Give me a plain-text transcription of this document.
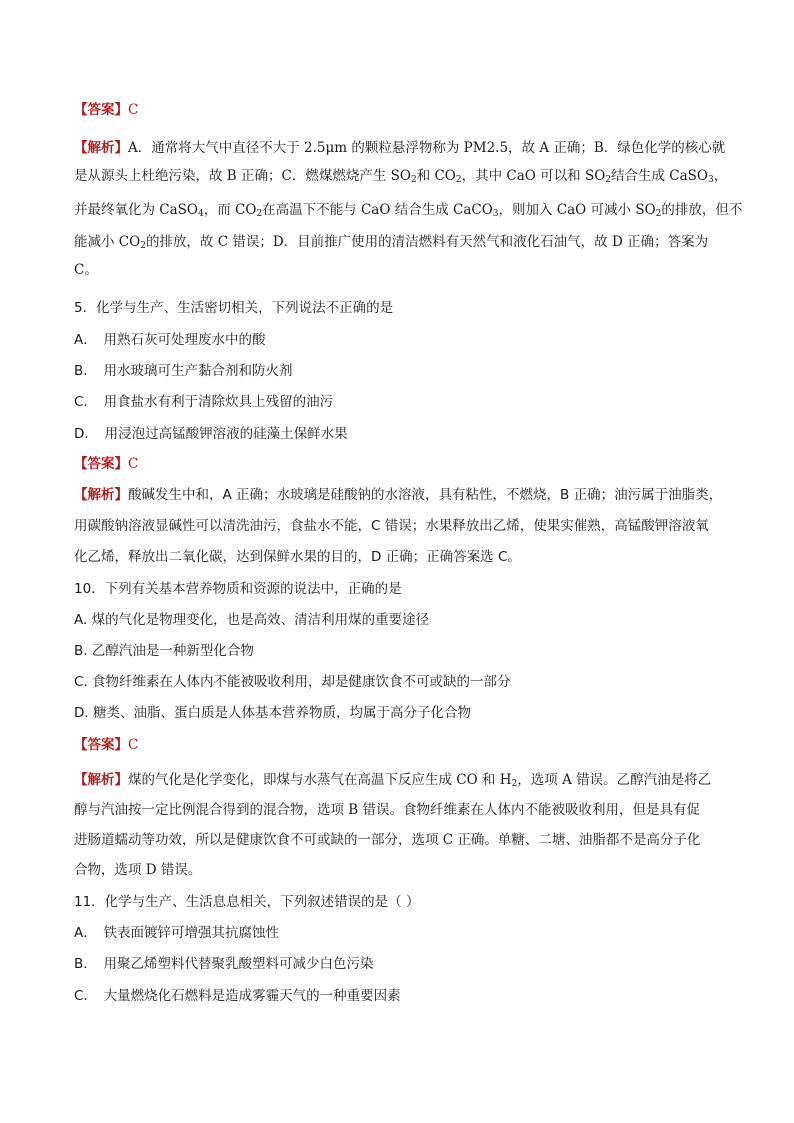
【答案】C
【解析】A．通常将大气中直径不大于 2.5μm 的颗粒悬浮物称为 PM2.5，故 A 正确；B．绿色化学的核心就
是从源头上杜绝污染，故 B 正确；C．燃煤燃烧产生 $SO_2$和 $CO_2$，其中 CaO 可以和 $SO_2$结合生成 CaSO$_3$，
并最终氧化为 CaSO$_4$，而 $CO_2$在高温下不能与 CaO 结合生成 CaCO$_3$，则加入 CaO 可减小 $SO_2$的排放，但不
能减小 $CO_2$的排放，故 C 错误；D．目前推广使用的清洁燃料有天然气和液化石油气，故 D 正确；答案为
C。
5．化学与生产、生活密切相关，下列说法不正确的是
A．　用熟石灰可处理废水中的酸
B．　用水玻璃可生产黏合剂和防火剂
C．　用食盐水有利于清除炊具上残留的油污
D．　用浸泡过高锰酸钾溶液的硅藻土保鲜水果
【答案】C
【解析】酸碱发生中和，A 正确；水玻璃是硅酸钠的水溶液，具有粘性，不燃烧，B 正确；油污属于油脂类，
用碳酸钠溶液显碱性可以清洗油污，食盐水不能，C 错误；水果释放出乙烯，使果实催熟，高锰酸钾溶液氧
化乙烯，释放出二氧化碳，达到保鲜水果的目的，D 正确；正确答案选 C。
10．下列有关基本营养物质和资源的说法中，正确的是
A. 煤的气化是物理变化，也是高效、清洁利用煤的重要途径
B. 乙醇汽油是一种新型化合物
C. 食物纤维素在人体内不能被吸收利用，却是健康饮食不可或缺的一部分
D. 糖类、油脂、蛋白质是人体基本营养物质，均属于高分子化合物
【答案】C
【解析】煤的气化是化学变化，即煤与水蒸气在高温下反应生成 CO 和 $H_2$，选项 A 错误。乙醇汽油是将乙
醇与汽油按一定比例混合得到的混合物，选项 B 错误。食物纤维素在人体内不能被吸收利用，但是具有促
进肠道蠕动等功效，所以是健康饮食不可或缺的一部分，选项 C 正确。单糖、二塘、油脂都不是高分子化
合物，选项 D 错误。
11．化学与生产、生活息息相关，下列叙述错误的是（ ）
A．　铁表面镀锌可增强其抗腐蚀性
B．　用聚乙烯塑料代替聚乳酸塑料可减少白色污染
C．　大量燃烧化石燃料是造成雾霾天气的一种重要因素
